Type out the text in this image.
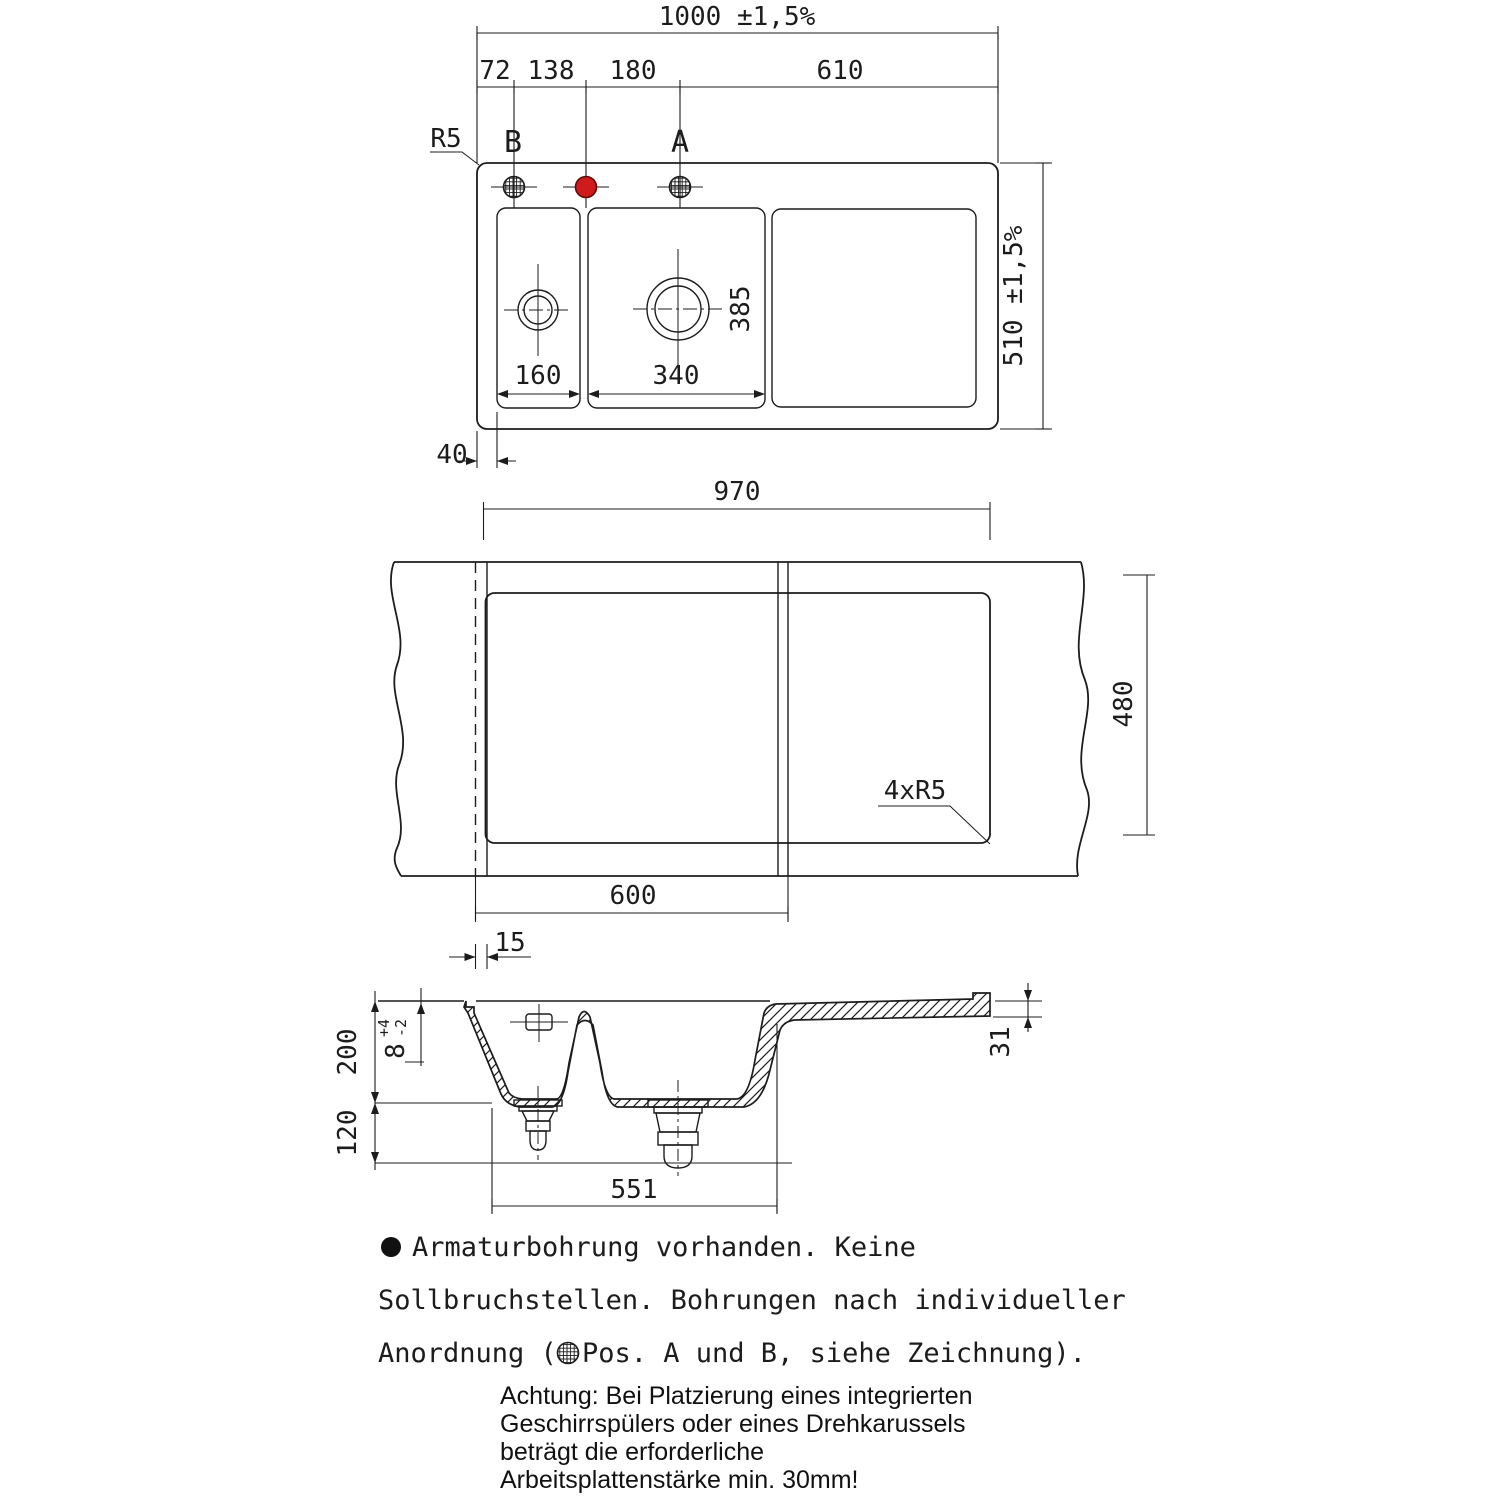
1000 ±1,5%
72 138 180	610
R5 B	A
160	340
385	510 ±1,5%
40
970
480
4xR5
600
15
200
120
8
+4 -2	31
551
Armaturbohrung vorhanden. Keine
Sollbruchstellen. Bohrungen nach individueller
Anordnung ( Pos. A und B, siehe Zeichnung).
Achtung: Bei Platzierung eines integrierten
Geschirrspülers oder eines Drehkarussels
beträgt die erforderliche
Arbeitsplattenstärke min. 30mm!
